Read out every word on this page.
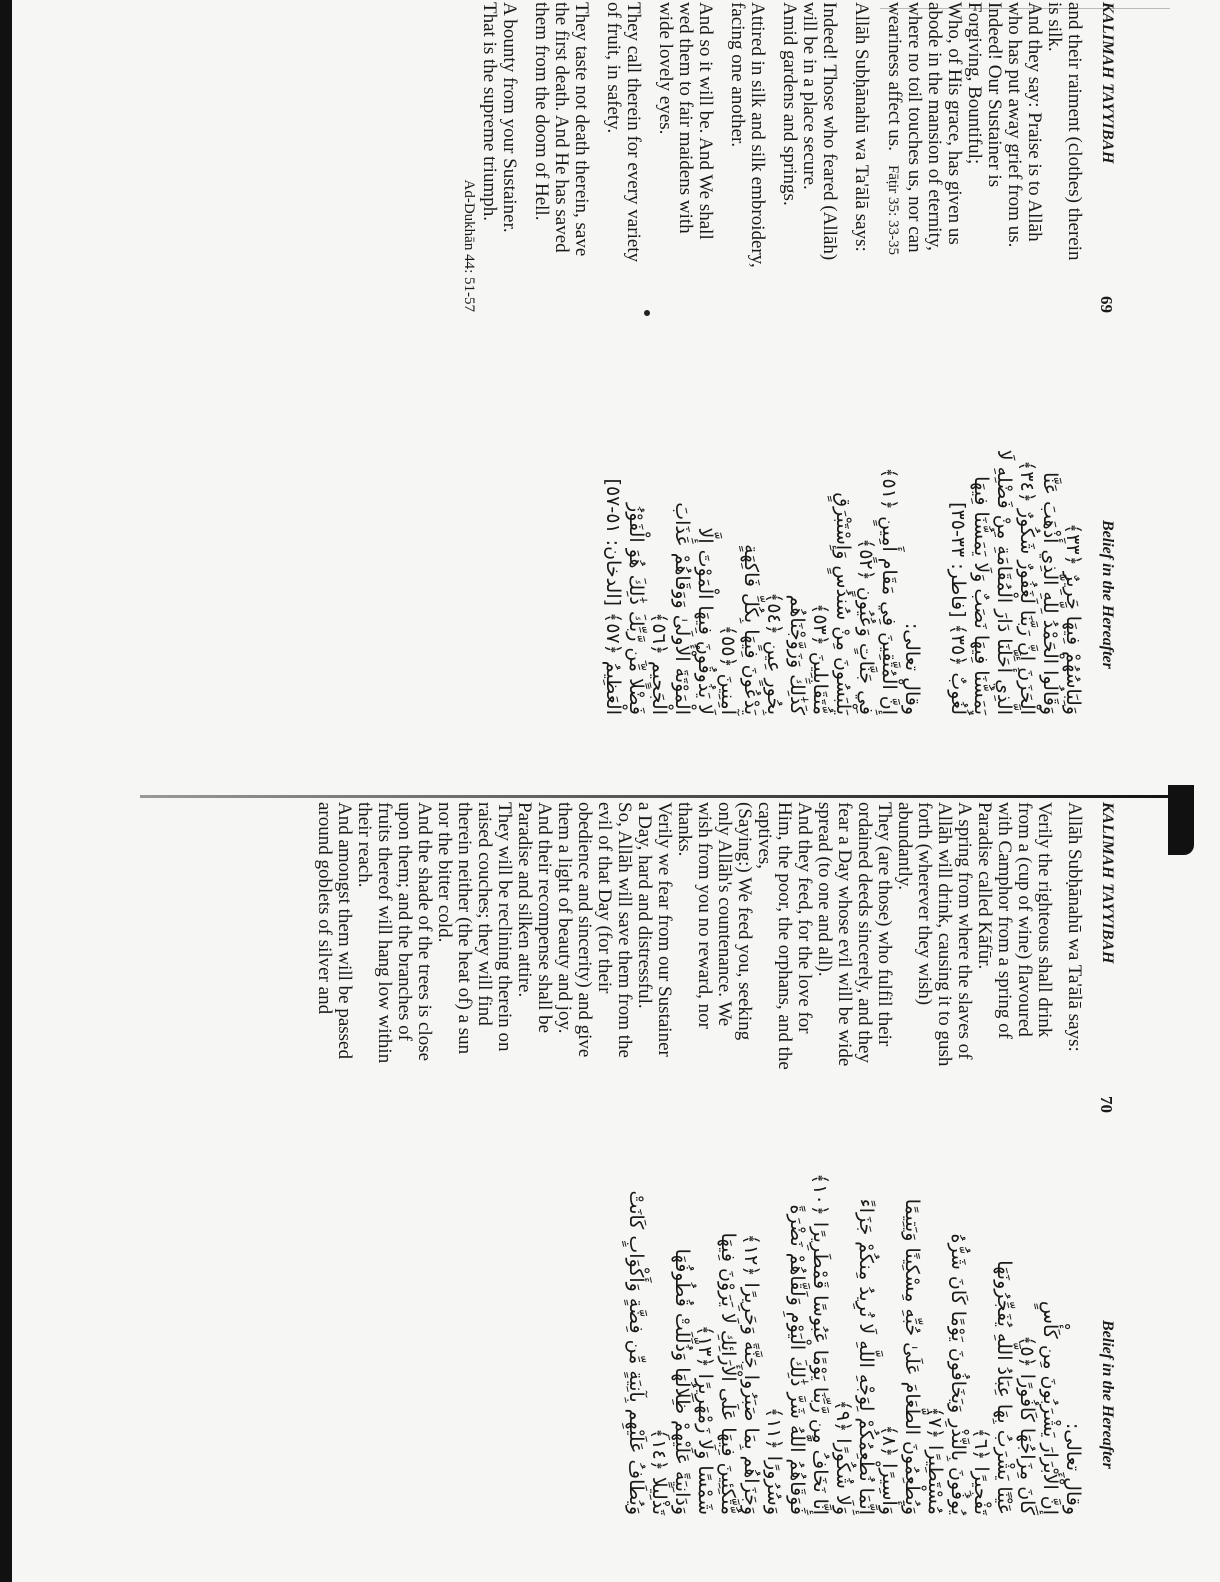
KALIMAH TAYYIBAH
69
Belief in the Hereafter
and their raiment (clothes) therein
is silk.
And they say: Praise is to Allāh
who has put away grief from us.
Indeed! Our Sustainer is
Forgiving, Bountiful;
Who, of His grace, has given us
abode in the mansion of eternity,
where no toil touches us, nor can
weariness affect us.Fāṭir 35: 33-35
Allāh Subḥānahū wa Ta'ālā says:
Indeed! Those who feared (Allāh)
will be in a place secure.
Amid gardens and springs.
Attired in silk and silk embroidery,
facing one another.
And so it will be. And We shall
wed them to fair maidens with
wide lovely eyes.
They call therein for every variety
of fruit, in safety.
They taste not death therein, save
the first death. And He has saved
them from the doom of Hell.
A bounty from your Sustainer.
That is the supreme triumph.
Ad-Dukhān 44: 51-57
وَلِبَاسُهُمْ فِيهَا حَرِيرٌ ﴿٣٣﴾
وَقَالُوا الْحَمْدُ لِلَّهِ الَّذِي أَذْهَبَ عَنَّا
الْحَزَنَ إِنَّ رَبَّنَا لَغَفُورٌ شَكُورٌ ﴿٣٤﴾
الَّذِي أَحَلَّنَا دَارَ الْمُقَامَةِ مِنْ فَضْلِهِ لَا
يَمَسُّنَا فِيهَا نَصَبٌ وَلَا يَمَسُّنَا فِيهَا
لُغُوبٌ ﴿٣٥﴾ [فاطر: ٣٣-٣٥]

وقال تعالى:
إِنَّ الْمُتَّقِينَ فِي مَقَامٍ أَمِينٍ ﴿٥١﴾
فِي جَنَّاتٍ وَعُيُونٍ ﴿٥٢﴾
يَلْبَسُونَ مِنْ سُندُسٍ وَإِسْتَبْرَقٍ
مُّتَقَابِلِينَ ﴿٥٣﴾
كَذَٰلِكَ وَزَوَّجْنَاهُم
بِحُورٍ عِينٍ ﴿٥٤﴾
يَدْعُونَ فِيهَا بِكُلِّ فَاكِهَةٍ
آمِنِينَ ﴿٥٥﴾
لَا يَذُوقُونَ فِيهَا الْمَوْتَ إِلَّا
الْمَوْتَةَ الْأُولَىٰ وَوَقَاهُمْ عَذَابَ
الْجَحِيمِ ﴿٥٦﴾
فَضْلًا مِّن رَّبِّكَ ذَٰلِكَ هُوَ الْفَوْزُ
الْعَظِيمُ ﴿٥٧﴾ [الدخان: ٥١-٥٧]
KALIMAH TAYYIBAH
70
Belief in the Hereafter
Allāh Subḥānahū wa Ta'ālā says:

Verily the righteous shall drink
from a (cup of wine) flavoured
with Camphor from a spring of
Paradise called Kāfūr.
A spring from where the slaves of
Allāh will drink, causing it to gush
forth (wherever they wish)
abundantly.
They (are those) who fulfil their
ordained deeds sincerely, and they
fear a Day whose evil will be wide
spread (to one and all).
And they feed, for the love for
Him, the poor, the orphans, and the
captives,
(Saying:) We feed you, seeking
only Allāh's countenance. We
wish from you no reward, nor
thanks.
Verily we fear from our Sustainer
a Day, hard and distressful.
So, Allāh will save them from the
evil of that Day (for their
obedience and sincerity) and give
them a light of beauty and joy.
And their recompense shall be
Paradise and silken attire.
They will be reclining therein on
raised couches; they will find
therein neither (the heat of) a sun
nor the bitter cold.
And the shade of the trees is close
upon them; and the branches of
fruits thereof will hang low within
their reach.
And amongst them will be passed
around goblets of silver and
وقال تعالى:
إِنَّ الْأَبْرَارَ يَشْرَبُونَ مِن كَأْسٍ
كَانَ مِزَاجُهَا كَافُورًا ﴿٥﴾
عَيْنًا يَشْرَبُ بِهَا عِبَادُ اللَّهِ يُفَجِّرُونَهَا
تَفْجِيرًا ﴿٦﴾
يُوفُونَ بِالنَّذْرِ وَيَخَافُونَ يَوْمًا كَانَ شَرُّهُ
مُسْتَطِيرًا ﴿٧﴾
وَيُطْعِمُونَ الطَّعَامَ عَلَىٰ حُبِّهِ مِسْكِينًا وَيَتِيمًا
وَأَسِيرًا ﴿٨﴾
إِنَّمَا نُطْعِمُكُمْ لِوَجْهِ اللَّهِ لَا نُرِيدُ مِنكُمْ جَزَاءً
وَلَا شُكُورًا ﴿٩﴾
إِنَّا نَخَافُ مِن رَّبِّنَا يَوْمًا عَبُوسًا قَمْطَرِيرًا ﴿١٠﴾
فَوَقَاهُمُ اللَّهُ شَرَّ ذَٰلِكَ الْيَوْمِ وَلَقَّاهُمْ نَضْرَةً
وَسُرُورًا ﴿١١﴾
وَجَزَاهُم بِمَا صَبَرُوا جَنَّةً وَحَرِيرًا ﴿١٢﴾
مُّتَّكِئِينَ فِيهَا عَلَى الْأَرَائِكِ لَا يَرَوْنَ فِيهَا
شَمْسًا وَلَا زَمْهَرِيرًا ﴿١٣﴾
وَدَانِيَةً عَلَيْهِمْ ظِلَالُهَا وَذُلِّلَتْ قُطُوفُهَا
تَذْلِيلًا ﴿١٤﴾
وَيُطَافُ عَلَيْهِم بِآنِيَةٍ مِّن فِضَّةٍ وَأَكْوَابٍ كَانَتْ
